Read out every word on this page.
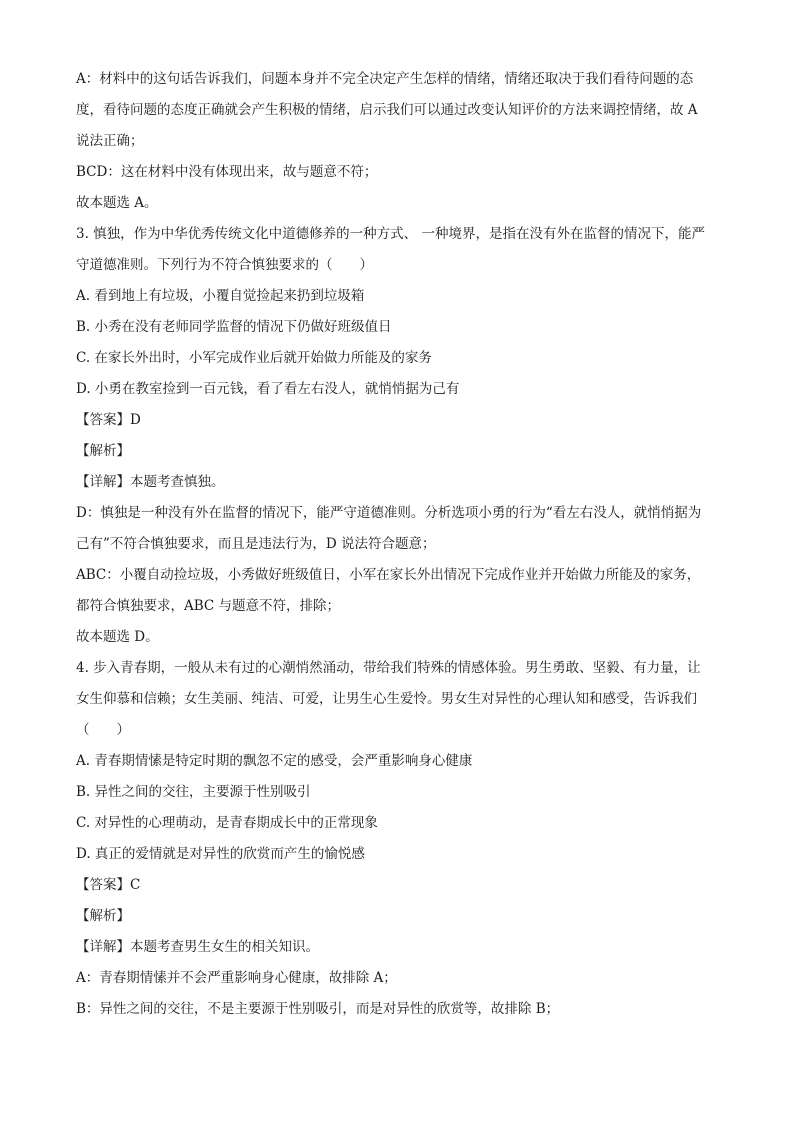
A：材料中的这句话告诉我们，问题本身并不完全决定产生怎样的情绪，情绪还取决于我们看待问题的态
度，看待问题的态度正确就会产生积极的情绪，启示我们可以通过改变认知评价的方法来调控情绪，故 A
说法正确；
BCD：这在材料中没有体现出来，故与题意不符；
故本题选 A。
3. 慎独，作为中华优秀传统文化中道德修养的一种方式、 一种境界，是指在没有外在监督的情况下，能严
守道德准则。下列行为不符合慎独要求的（　　）
A. 看到地上有垃圾，小覆自觉捡起来扔到垃圾箱
B. 小秀在没有老师同学监督的情况下仍做好班级值日
C. 在家长外出时，小军完成作业后就开始做力所能及的家务
D. 小勇在教室捡到一百元钱，看了看左右没人，就悄悄据为己有
【答案】D
【解析】
【详解】本题考查慎独。
D：慎独是一种没有外在监督的情况下，能严守道德准则。分析选项小勇的行为“看左右没人，就悄悄据为
己有”不符合慎独要求，而且是违法行为，D 说法符合题意；
ABC：小覆自动捡垃圾，小秀做好班级值日，小军在家长外出情况下完成作业并开始做力所能及的家务，
都符合慎独要求，ABC 与题意不符，排除；
故本题选 D。
4. 步入青春期，一般从未有过的心潮悄然涌动，带给我们特殊的情感体验。男生勇敢、坚毅、有力量，让
女生仰慕和信赖；女生美丽、纯洁、可爱，让男生心生爱怜。男女生对异性的心理认知和感受，告诉我们
（　　）
A. 青春期情愫是特定时期的飘忽不定的感受，会严重影响身心健康
B. 异性之间的交往，主要源于性别吸引
C. 对异性的心理萌动，是青春期成长中的正常现象
D. 真正的爱情就是对异性的欣赏而产生的愉悦感
【答案】C
【解析】
【详解】本题考查男生女生的相关知识。
A：青春期情愫并不会严重影响身心健康，故排除 A；
B：异性之间的交往，不是主要源于性别吸引，而是对异性的欣赏等，故排除 B；
